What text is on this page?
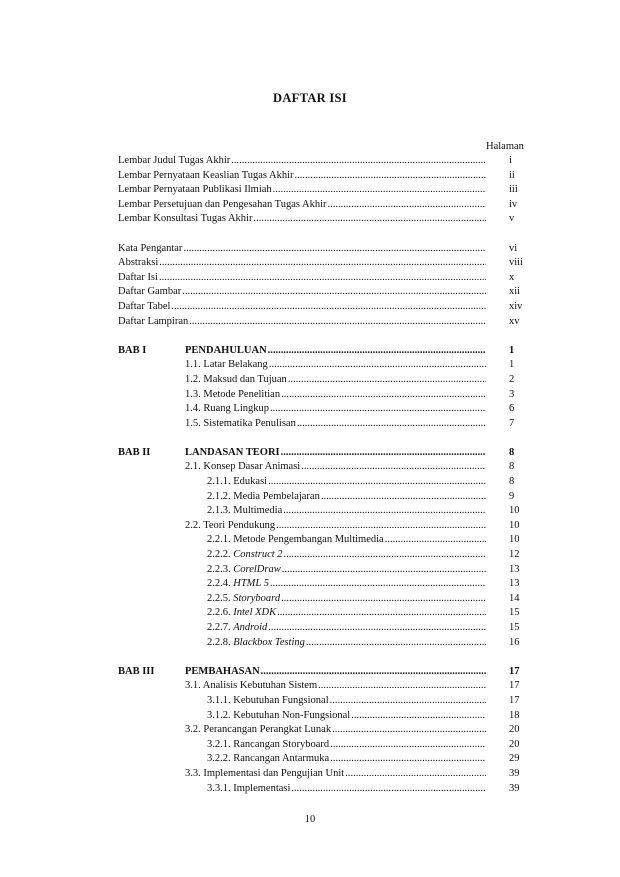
DAFTAR ISI
Halaman
Lembar Judul Tugas Akhir .....	i
Lembar Pernyataan Keaslian Tugas Akhir .....	ii
Lembar Pernyataan Publikasi Ilmiah .....	iii
Lembar Persetujuan dan Pengesahan Tugas Akhir .....	iv
Lembar Konsultasi Tugas Akhir .....	v
Kata Pengantar .....	vi
Abstraksi .....	viii
Daftar Isi .....	x
Daftar Gambar .....	xii
Daftar Tabel .....	xiv
Daftar Lampiran .....	xv
BAB I	PENDAHULUAN .....	1
1.1. Latar Belakang .....	1
1.2. Maksud dan Tujuan .....	2
1.3. Metode Penelitian .....	3
1.4. Ruang Lingkup .....	6
1.5. Sistematika Penulisan .....	7
BAB II	LANDASAN TEORI .....	8
2.1. Konsep Dasar Animasi .....	8
2.1.1. Edukasi .....	8
2.1.2. Media Pembelajaran .....	9
2.1.3. Multimedia .....	10
2.2. Teori Pendukung .....	10
2.2.1. Metode Pengembangan Multimedia .....	10
2.2.2. Construct 2 .....	12
2.2.3. CorelDraw .....	13
2.2.4. HTML 5 .....	13
2.2.5. Storyboard .....	14
2.2.6. Intel XDK .....	15
2.2.7. Android .....	15
2.2.8. Blackbox Testing .....	16
BAB III	PEMBAHASAN .....	17
3.1. Analisis Kebutuhan Sistem .....	17
3.1.1. Kebutuhan Fungsional .....	17
3.1.2. Kebutuhan Non-Fungsional .....	18
3.2. Perancangan Perangkat Lunak .....	20
3.2.1. Rancangan Storyboard .....	20
3.2.2. Rancangan Antarmuka .....	29
3.3. Implementasi dan Pengujian Unit .....	39
3.3.1. Implementasi .....	39
10
